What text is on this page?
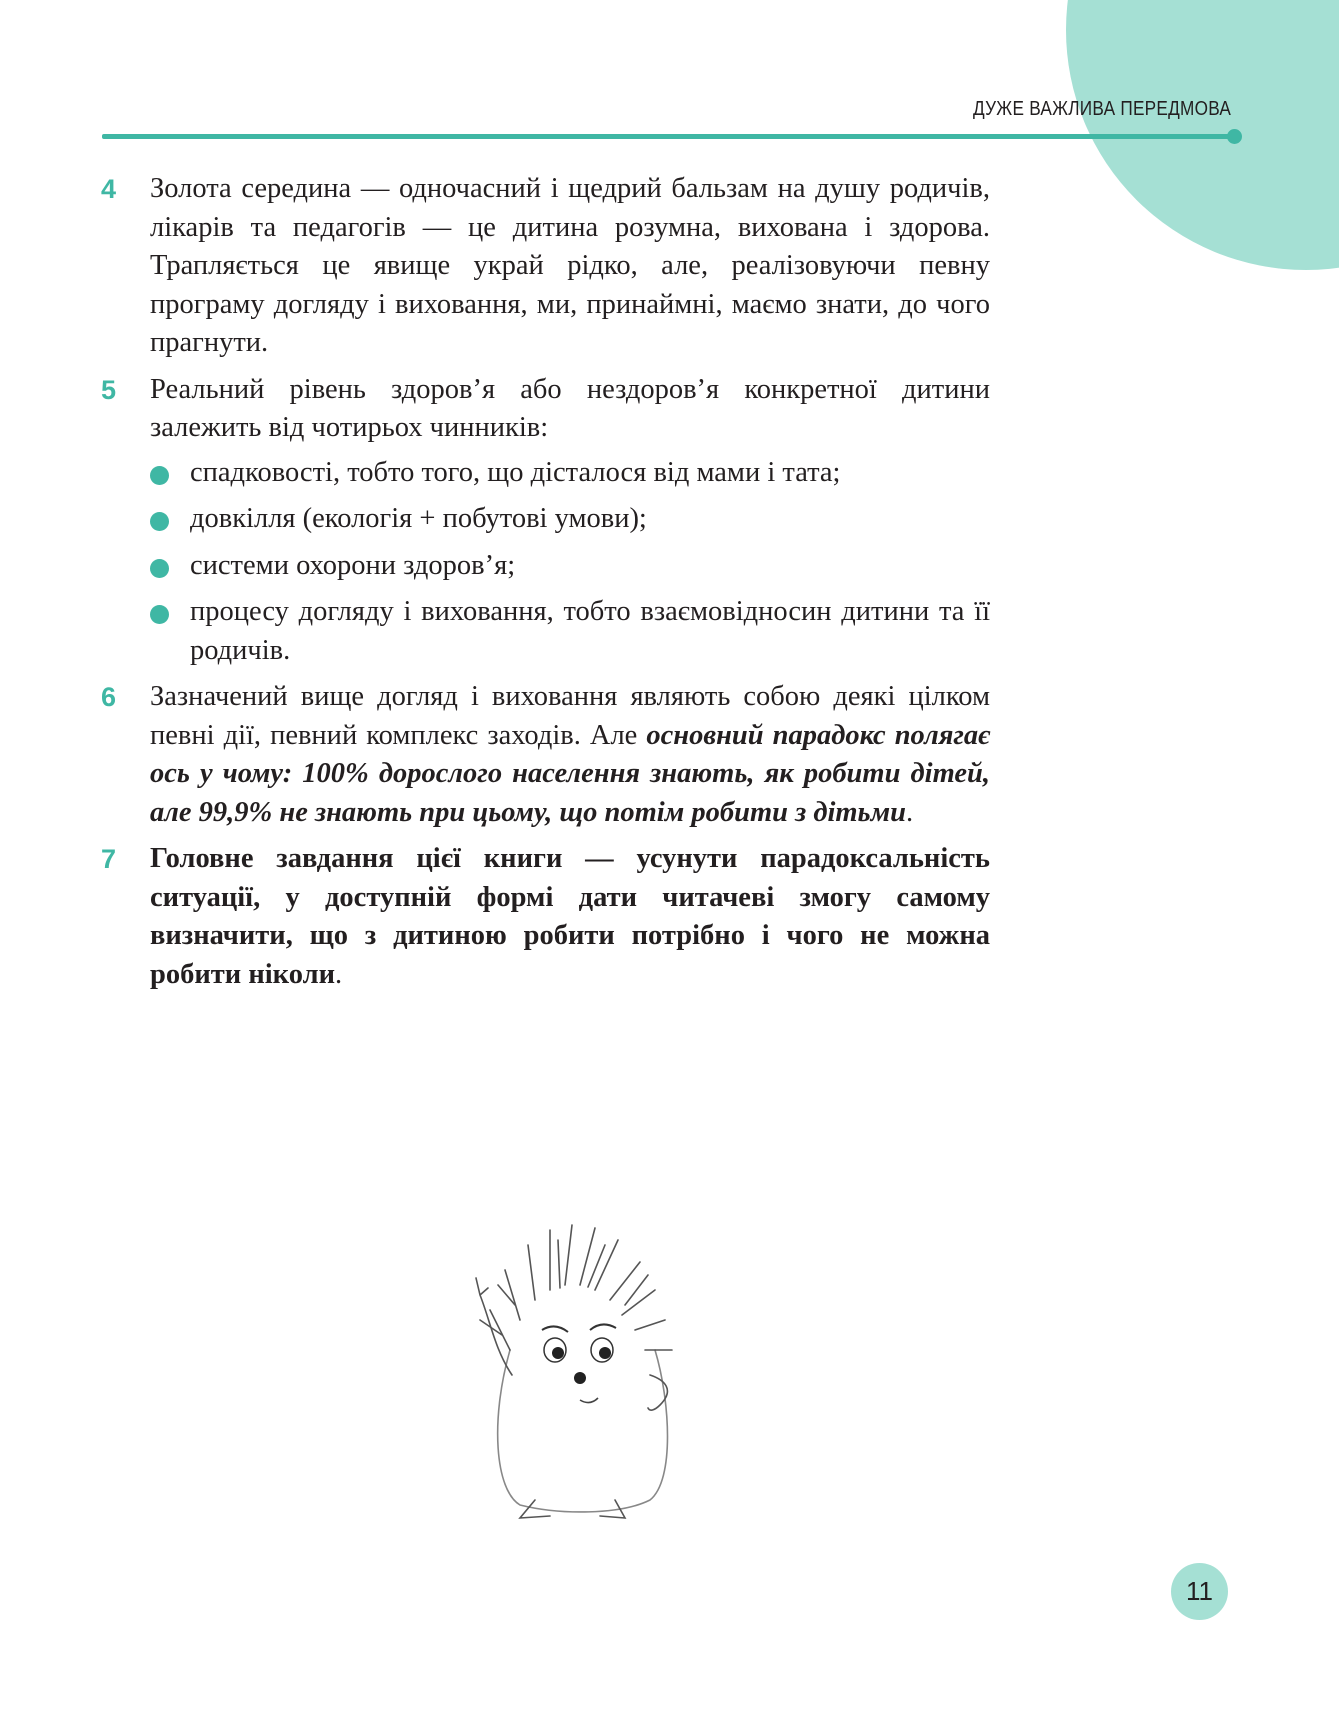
ДУЖЕ ВАЖЛИВА ПЕРЕДМОВА
4 Золота середина — одночасний і щедрий бальзам на душу родичів, лікарів та педагогів — це дитина розумна, вихована і здорова. Трапляється це явище украй рідко, але, реалізовуючи певну програму догляду і виховання, ми, принаймні, маємо знати, до чого прагнути.
5 Реальний рівень здоров’я або нездоров’я конкретної дитини залежить від чотирьох чинників:
спадковості, тобто того, що дісталося від мами і тата;
довкілля (екологія + побутові умови);
системи охорони здоров’я;
процесу догляду і виховання, тобто взаємовідносин дитини та її родичів.
6 Зазначений вище догляд і виховання являють собою деякі цілком певні дії, певний комплекс заходів. Але основний парадокс полягає ось у чому: 100% дорослого населення знають, як робити дітей, але 99,9% не знають при цьому, що потім робити з дітьми.
7 Головне завдання цієї книги — усунути парадоксальність ситуації, у доступній формі дати читачеві змогу самому визначити, що з дитиною робити потрібно і чого не можна робити ніколи.
11
